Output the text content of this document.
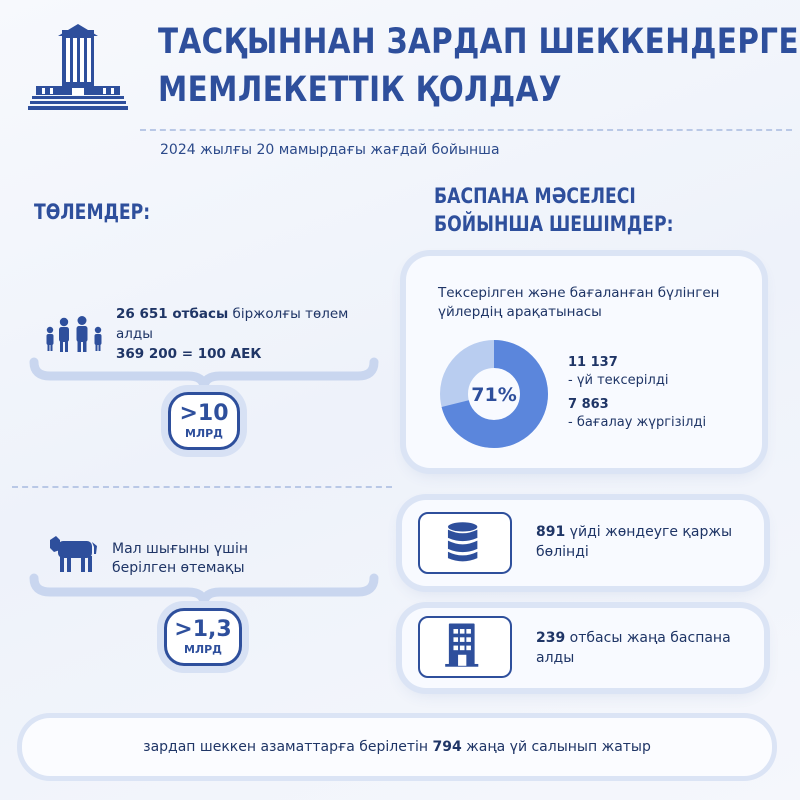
ТАСҚЫННАН ЗАРДАП ШЕККЕНДЕРГЕ
МЕМЛЕКЕТТІК ҚОЛДАУ
2024 жылғы 20 мамырдағы жағдай бойынша
ТӨЛЕМДЕР:
26 651 отбасы біржолғы төлем алды
369 200 = 100 АЕК
>10
МЛРД
Мал шығыны үшін берілген өтемақы
>1,3
МЛРД
БАСПАНА МӘСЕЛЕСІ
БОЙЫНША ШЕШІМДЕР:
Тексерілген және бағаланған бүлінген үйлердің арақатынасы
71%
11 137
- үй тексерілді
7 863
- бағалау жүргізілді
891 үйді жөндеуге қаржы бөлінді
239 отбасы жаңа баспана алды
зардап шеккен азаматтарға берілетін 794 жаңа үй салынып жатыр
